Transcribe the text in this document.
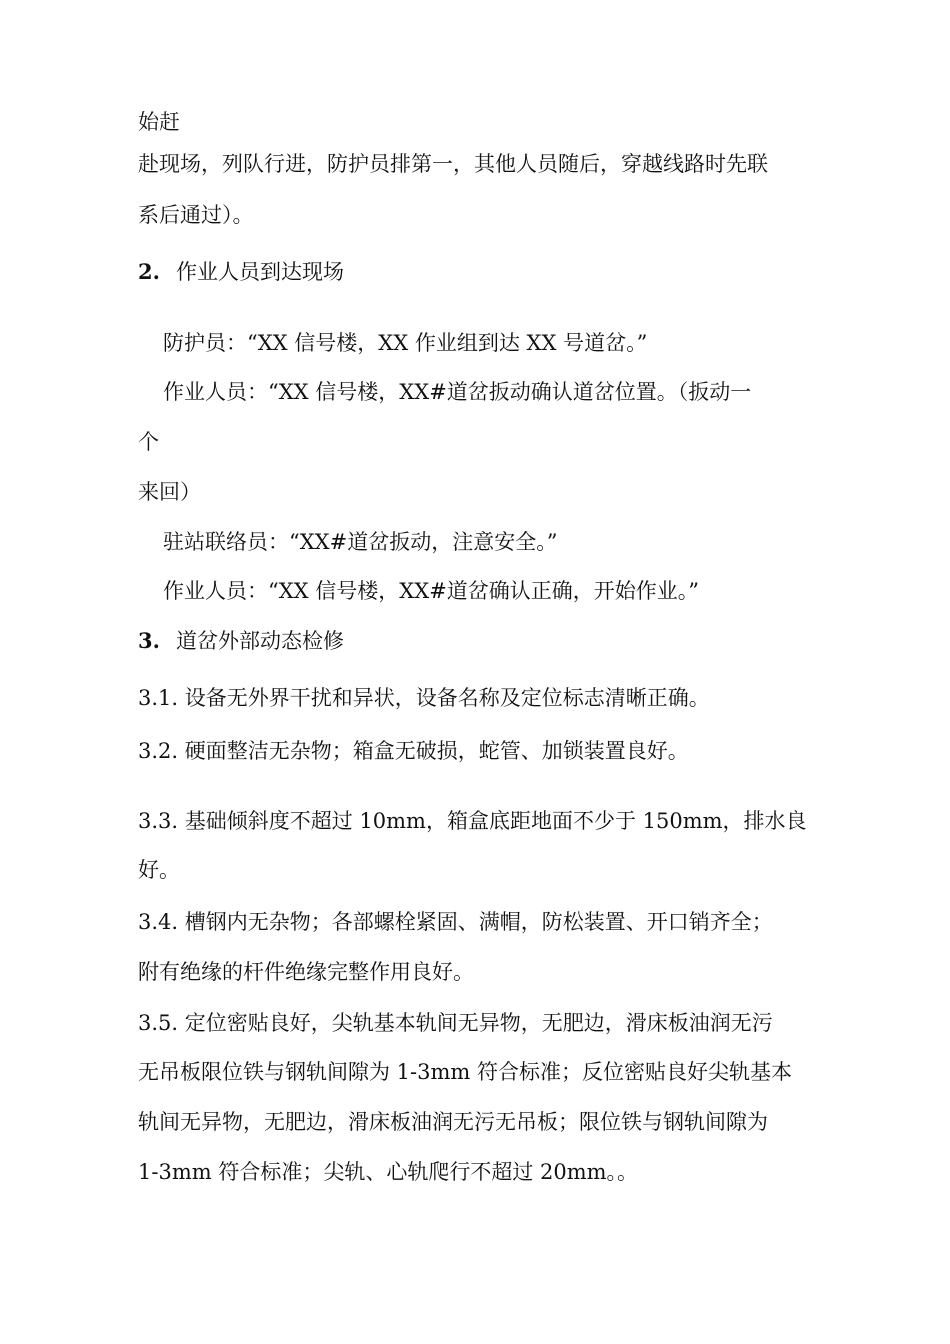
始赶
赴现场，列队行进，防护员排第一，其他人员随后，穿越线路时先联
系后通过）。
2. 作业人员到达现场
防护员：“XX 信号楼，XX 作业组到达 XX 号道岔。”
作业人员：“XX 信号楼，XX#道岔扳动确认道岔位置。（扳动一
个
来回）
驻站联络员：“XX#道岔扳动，注意安全。”
作业人员：“XX 信号楼，XX#道岔确认正确，开始作业。”
3. 道岔外部动态检修
3.1. 设备无外界干扰和异状，设备名称及定位标志清晰正确。
3.2. 硬面整洁无杂物；箱盒无破损，蛇管、加锁装置良好。
3.3. 基础倾斜度不超过 10mm，箱盒底距地面不少于 150mm，排水良
好。
3.4. 槽钢内无杂物；各部螺栓紧固、满帽，防松装置、开口销齐全；
附有绝缘的杆件绝缘完整作用良好。
3.5. 定位密贴良好，尖轨基本轨间无异物，无肥边，滑床板油润无污
无吊板限位铁与钢轨间隙为 1-3mm 符合标准；反位密贴良好尖轨基本
轨间无异物，无肥边，滑床板油润无污无吊板；限位铁与钢轨间隙为
1-3mm 符合标准；尖轨、心轨爬行不超过 20mm。。
